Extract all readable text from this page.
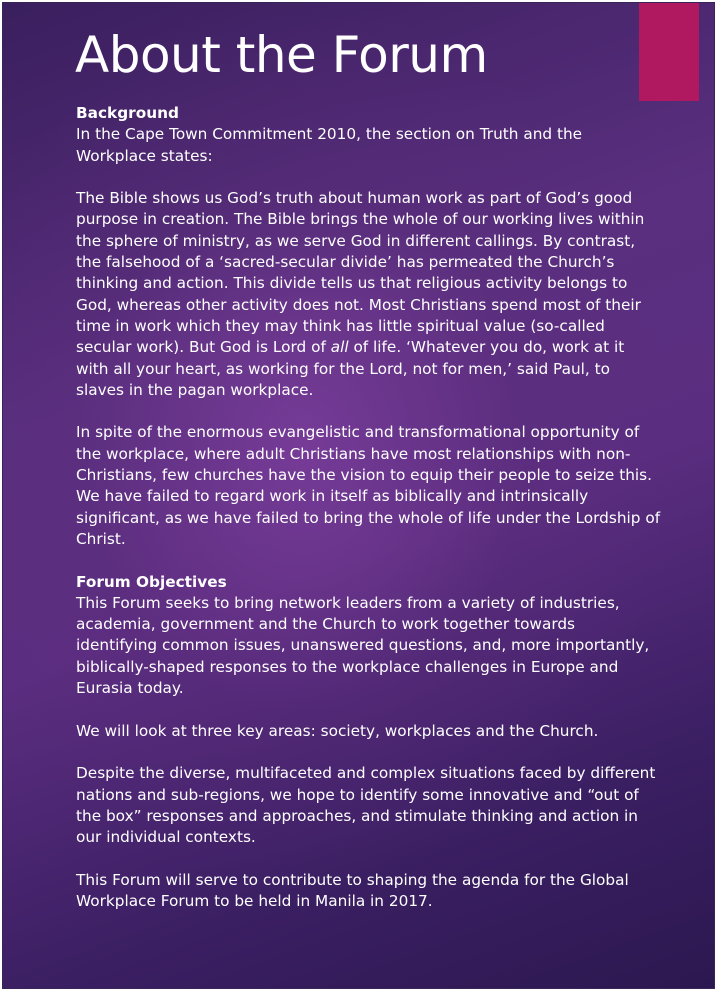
About the Forum
Background

In the Cape Town Commitment 2010, the section on Truth and the Workplace states:

The Bible shows us God’s truth about human work as part of God’s good purpose in creation. The Bible brings the whole of our working lives within the sphere of ministry, as we serve God in different callings. By contrast, the falsehood of a ‘sacred-secular divide’ has permeated the Church’s thinking and action. This divide tells us that religious activity belongs to God, whereas other activity does not. Most Christians spend most of their time in work which they may think has little spiritual value (so-called secular work). But God is Lord of all of life. ‘Whatever you do, work at it with all your heart, as working for the Lord, not for men,’ said Paul, to slaves in the pagan workplace.

In spite of the enormous evangelistic and transformational opportunity of the workplace, where adult Christians have most relationships with non-Christians, few churches have the vision to equip their people to seize this. We have failed to regard work in itself as biblically and intrinsically significant, as we have failed to bring the whole of life under the Lordship of Christ.

Forum Objectives

This Forum seeks to bring network leaders from a variety of industries, academia, government and the Church to work together towards identifying common issues, unanswered questions, and, more importantly, biblically-shaped responses to the workplace challenges in Europe and Eurasia today.

We will look at three key areas: society, workplaces and the Church.

Despite the diverse, multifaceted and complex situations faced by different nations and sub-regions, we hope to identify some innovative and “out of the box” responses and approaches, and stimulate thinking and action in our individual contexts.

This Forum will serve to contribute to shaping the agenda for the Global Workplace Forum to be held in Manila in 2017.
